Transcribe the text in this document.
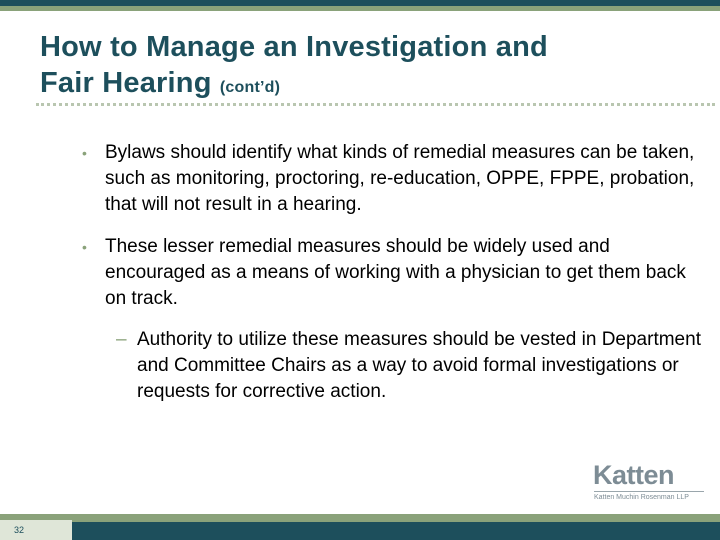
How to Manage an Investigation and
Fair Hearing (cont’d)
• Bylaws should identify what kinds of remedial measures can be taken, such as monitoring, proctoring, re-education, OPPE, FPPE, probation, that will not result in a hearing.
• These lesser remedial measures should be widely used and encouraged as a means of working with a physician to get them back on track.
– Authority to utilize these measures should be vested in Department and Committee Chairs as a way to avoid formal investigations or requests for corrective action.
Katten
Katten Muchin Rosenman LLP
32
